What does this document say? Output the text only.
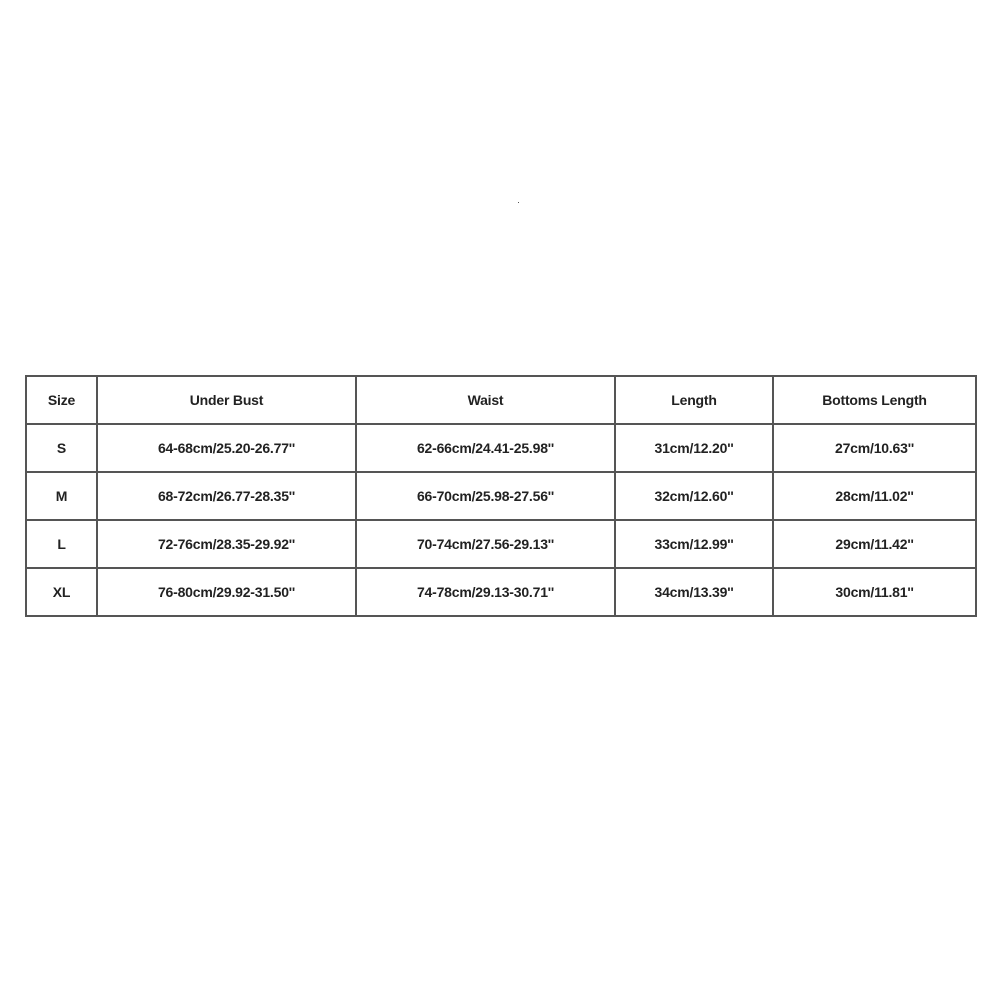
Size	Under Bust	Waist	Length	Bottoms Length
S	64-68cm/25.20-26.77''	62-66cm/24.41-25.98''	31cm/12.20''	27cm/10.63''
M	68-72cm/26.77-28.35''	66-70cm/25.98-27.56''	32cm/12.60''	28cm/11.02''
L	72-76cm/28.35-29.92''	70-74cm/27.56-29.13''	33cm/12.99''	29cm/11.42''
XL	76-80cm/29.92-31.50''	74-78cm/29.13-30.71''	34cm/13.39''	30cm/11.81''
